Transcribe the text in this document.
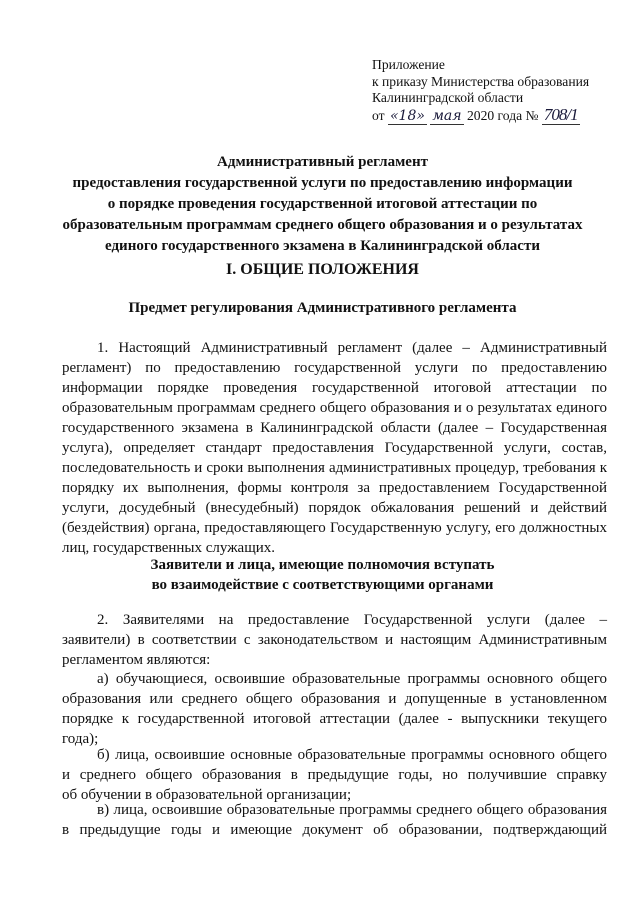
Приложение
к приказу Министерства образования
Калининградской области
от «18» мая 2020 года № 708/1
Административный регламент
предоставления государственной услуги по предоставлению информации
о порядке проведения государственной итоговой аттестации по
образовательным программам среднего общего образования и о результатах
единого государственного экзамена в Калининградской области
I. ОБЩИЕ ПОЛОЖЕНИЯ
Предмет регулирования Административного регламента
1. Настоящий Административный регламент (далее – Административный
регламент) по предоставлению государственной услуги по предоставлению
информации порядке проведения государственной итоговой аттестации по
образовательным программам среднего общего образования и о результатах единого
государственного экзамена в Калининградской области (далее – Государственная
услуга), определяет стандарт предоставления Государственной услуги, состав,
последовательность и сроки выполнения административных процедур, требования к
порядку их выполнения, формы контроля за предоставлением Государственной
услуги, досудебный (внесудебный) порядок обжалования решений и действий
(бездействия) органа, предоставляющего Государственную услугу, его должностных
лиц, государственных служащих.
Заявители и лица, имеющие полномочия вступать
во взаимодействие с соответствующими органами
2. Заявителями на предоставление Государственной услуги (далее –
заявители) в соответствии с законодательством и настоящим Административным
регламентом являются:
а) обучающиеся, освоившие образовательные программы основного общего
образования или среднего общего образования и допущенные в установленном
порядке к государственной итоговой аттестации (далее - выпускники текущего
года);
б) лица, освоившие основные образовательные программы основного общего
и среднего общего образования в предыдущие годы, но получившие справку
об обучении в образовательной организации;
в) лица, освоившие образовательные программы среднего общего образования
в предыдущие годы и имеющие документ об образовании, подтверждающий
